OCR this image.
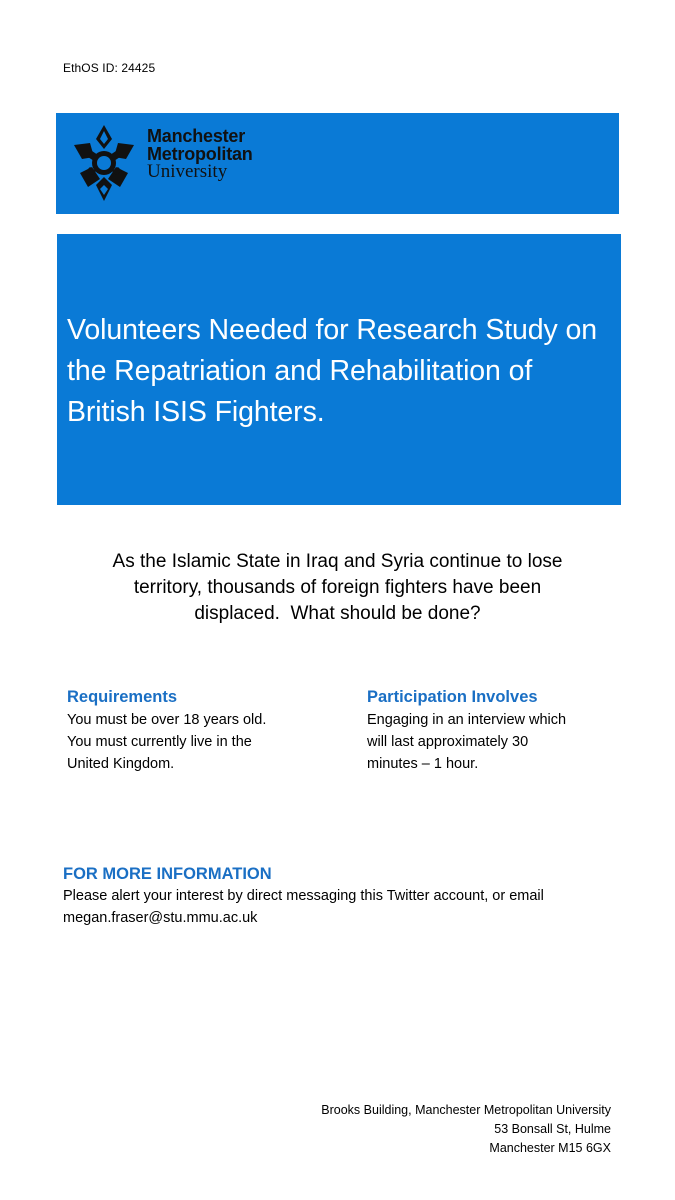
EthOS ID: 24425
Manchester
Metropolitan
University
Volunteers Needed for Research Study on the Repatriation and Rehabilitation of British ISIS Fighters.

As the Islamic State in Iraq and Syria continue to lose
territory, thousands of foreign fighters have been
displaced.  What should be done?

Requirements
You must be over 18 years old.
You must currently live in the
United Kingdom.
Participation Involves
Engaging in an interview which
will last approximately 30
minutes – 1 hour.
FOR MORE INFORMATION
Please alert your interest by direct messaging this Twitter account, or email
megan.fraser@stu.mmu.ac.uk
Brooks Building, Manchester Metropolitan University
53 Bonsall St, Hulme
Manchester M15 6GX
